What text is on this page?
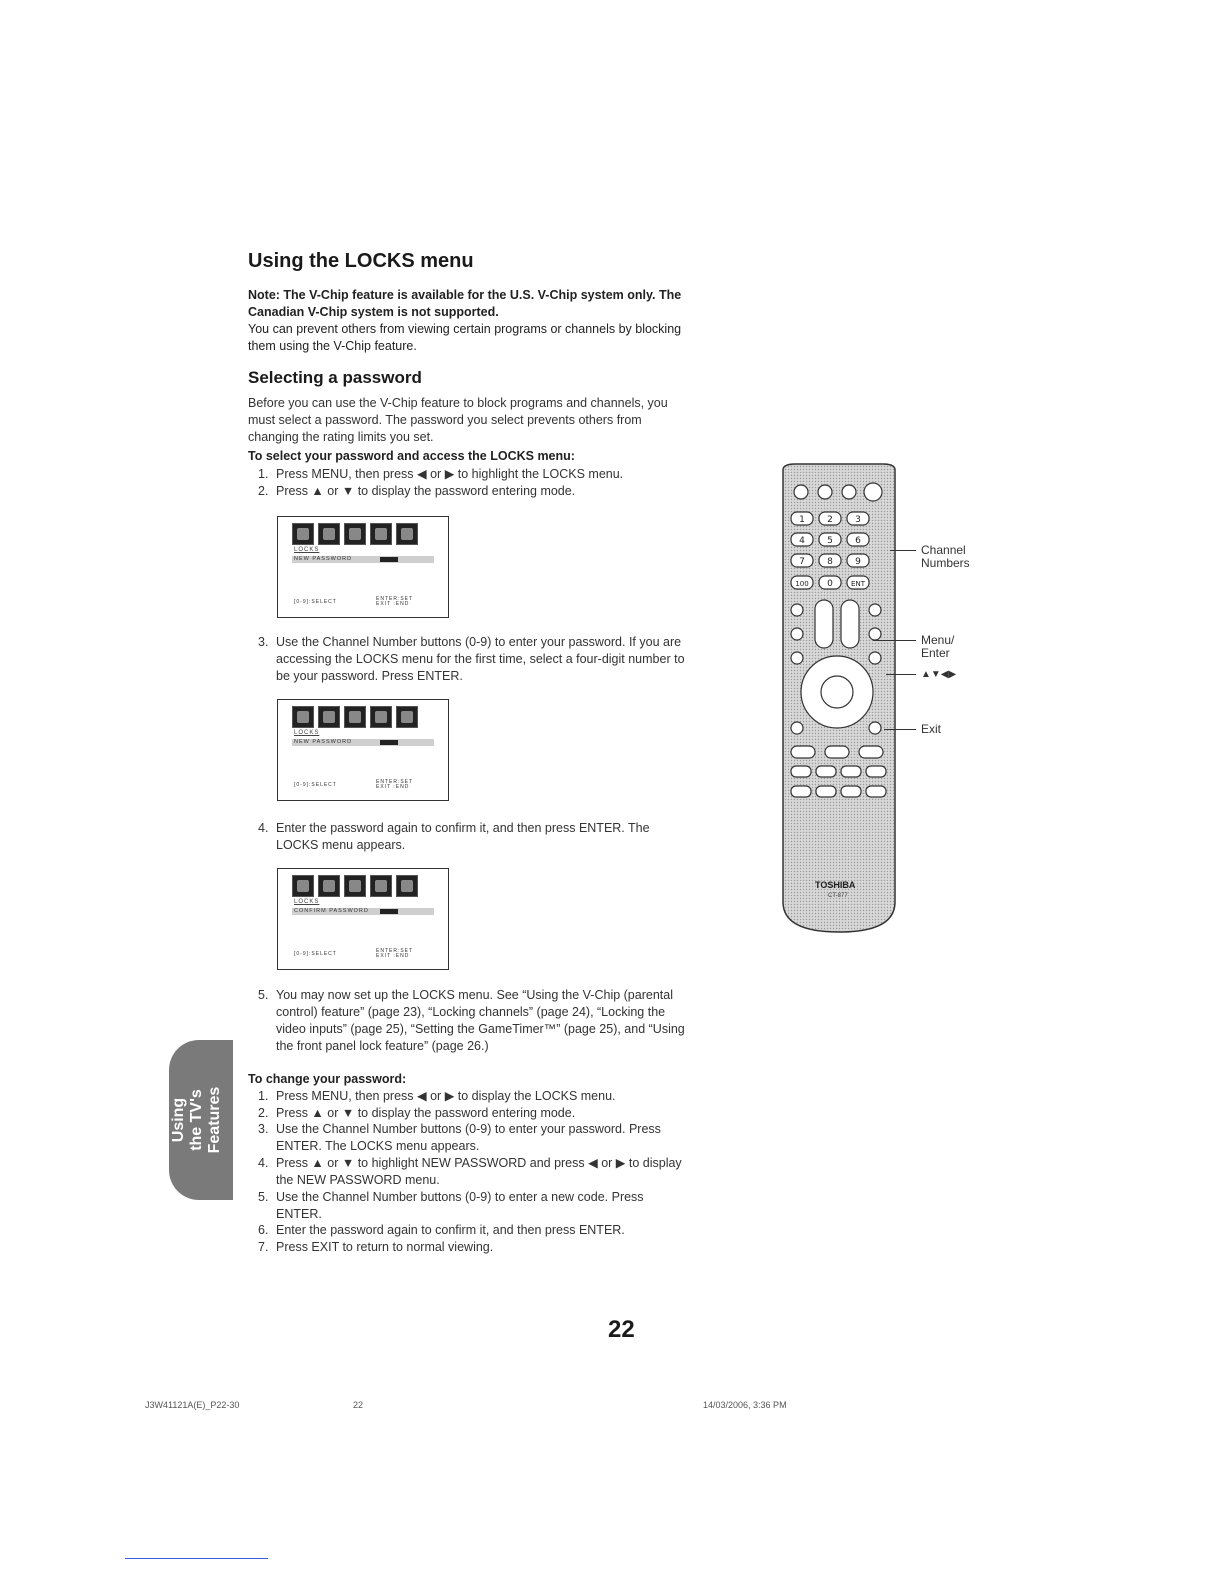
Using the LOCKS menu
Note: The V-Chip feature is available for the U.S. V-Chip system only. The Canadian V-Chip system is not supported.
You can prevent others from viewing certain programs or channels by blocking them using the V-Chip feature.
Selecting a password
Before you can use the V-Chip feature to block programs and channels, you must select a password. The password you select prevents others from changing the rating limits you set.
To select your password and access the LOCKS menu:
1. Press MENU, then press ◀ or ▶ to highlight the LOCKS menu.
2. Press ▲ or ▼ to display the password entering mode.
LOCKS
NEW PASSWORD
[0-9]:SELECT	ENTER:SET
EXIT :END
3. Use the Channel Number buttons (0-9) to enter your password. If you are accessing the LOCKS menu for the first time, select a four-digit number to be your password. Press ENTER.
LOCKS
NEW PASSWORD
[0-9]:SELECT	ENTER:SET
EXIT :END
4. Enter the password again to confirm it, and then press ENTER. The LOCKS menu appears.
LOCKS
CONFIRM PASSWORD
[0-9]:SELECT	ENTER:SET
EXIT :END
5. You may now set up the LOCKS menu. See “Using the V-Chip (parental control) feature” (page 23), “Locking channels” (page 24), “Locking the video inputs” (page 25), “Setting the GameTimer™” (page 25), and “Using the front panel lock feature” (page 26.)
Using the TV's Features
To change your password:
1. Press MENU, then press ◀ or ▶ to display the LOCKS menu.
2. Press ▲ or ▼ to display the password entering mode.
3. Use the Channel Number buttons (0-9) to enter your password. Press ENTER. The LOCKS menu appears.
4. Press ▲ or ▼ to highlight NEW PASSWORD and press ◀ or ▶ to display the NEW PASSWORD menu.
5. Use the Channel Number buttons (0-9) to enter a new code. Press ENTER.
6. Enter the password again to confirm it, and then press ENTER.
7. Press EXIT to return to normal viewing.
1 2 3
4 5 6
7 8 9
100 0	ENT
TOSHIBA
CT-877
Channel Numbers
Menu/ Enter
▲▼◀▶
Exit
22
J3W41121A(E)_P22-30	22	14/03/2006, 3:36 PM
